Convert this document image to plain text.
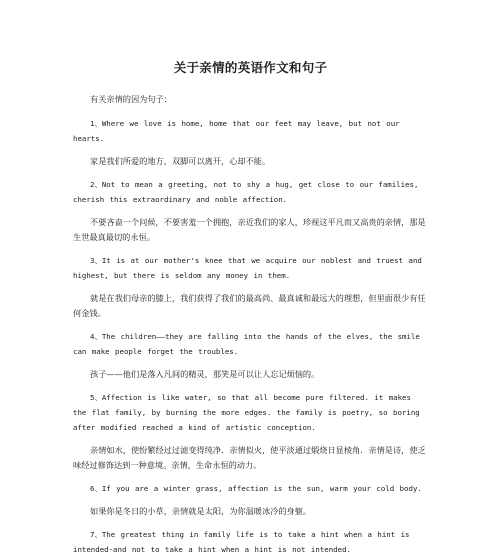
关于亲情的英语作文和句子

有关亲情的因为句子：

1、Where we love is home, home that our feet may leave, but not our hearts.

家是我们所爱的地方，双脚可以离开，心却不能。

2、Not to mean a greeting, not to shy a hug, get close to our families, cherish this extraordinary and noble affection.

不要吝啬一个问候，不要害羞一个拥抱，亲近我们的家人，珍视这平凡而又高贵的亲情，那是生世最真最切的永恒。

3、It is at our mother's knee that we acquire our noblest and truest and highest, but there is seldom any money in them.

就是在我们母亲的膝上，我们获得了我们的最高尚、最真诚和最远大的理想，但里面很少有任何金钱。

4、The children——they are falling into the hands of the elves, the smile can make people forget the troubles.

孩子——他们是落入凡间的精灵，那笑是可以让人忘记烦恼的。

5、Affection is like water, so that all become pure filtered. it makes the flat family, by burning the more edges. the family is poetry, so boring after modified reached a kind of artistic conception.

亲情如水，使纷繁经过过滤变得纯净．亲情似火，使平淡通过煅烧日显棱角．亲情是诗，使乏味经过修饰达到一种意境。亲情，生命永恒的动力。

6、If you are a winter grass, affection is the sun, warm your cold body.

如果你是冬日的小草，亲情就是太阳，为你温暖冰冷的身躯。

7、The greatest thing in family life is to take a hint when a hint is intended-and not to take a hint when a hint is not intended.
